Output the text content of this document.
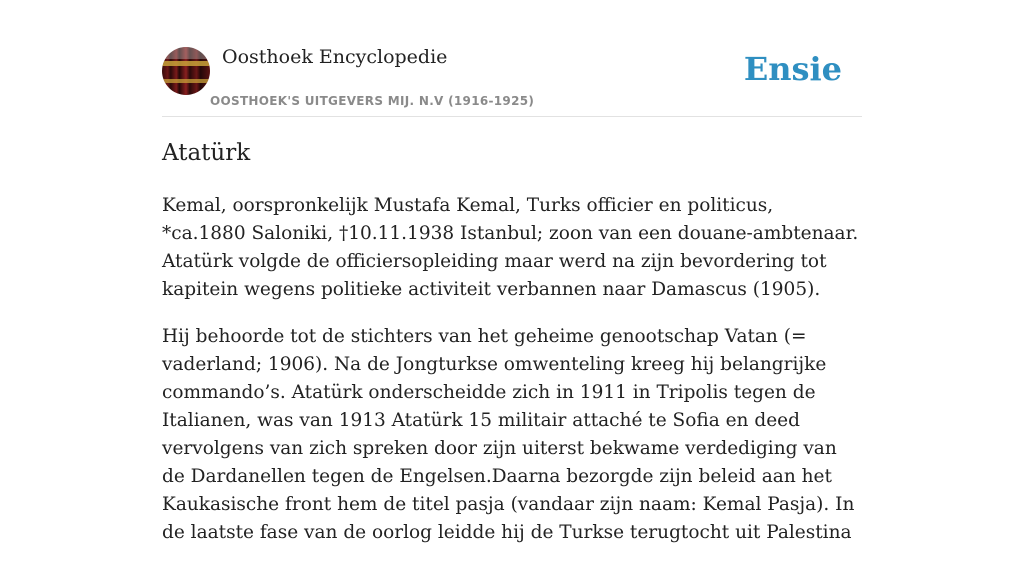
Oosthoek Encyclopedie
OOSTHOEK'S UITGEVERS MIJ. N.V (1916-1925)
Ensie
Atatürk

Kemal, oorspronkelijk Mustafa Kemal, Turks officier en politicus, *ca.1880 Saloniki, †10.11.1938 Istanbul; zoon van een douane-ambtenaar. Atatürk volgde de officiersopleiding maar werd na zijn bevordering tot kapitein wegens politieke activiteit verbannen naar Damascus (1905).

Hij behoorde tot de stichters van het geheime genootschap Vatan (= vaderland; 1906). Na de Jongturkse omwenteling kreeg hij belangrijke commando’s. Atatürk onderscheidde zich in 1911 in Tripolis tegen de Italianen, was van 1913 Atatürk 15 militair attaché te Sofia en deed vervolgens van zich spreken door zijn uiterst bekwame verdediging van de Dardanellen tegen de Engelsen.Daarna bezorgde zijn beleid aan het Kaukasische front hem de titel pasja (vandaar zijn naam: Kemal Pasja). In de laatste fase van de oorlog leidde hij de Turkse terugtocht uit Palestina
